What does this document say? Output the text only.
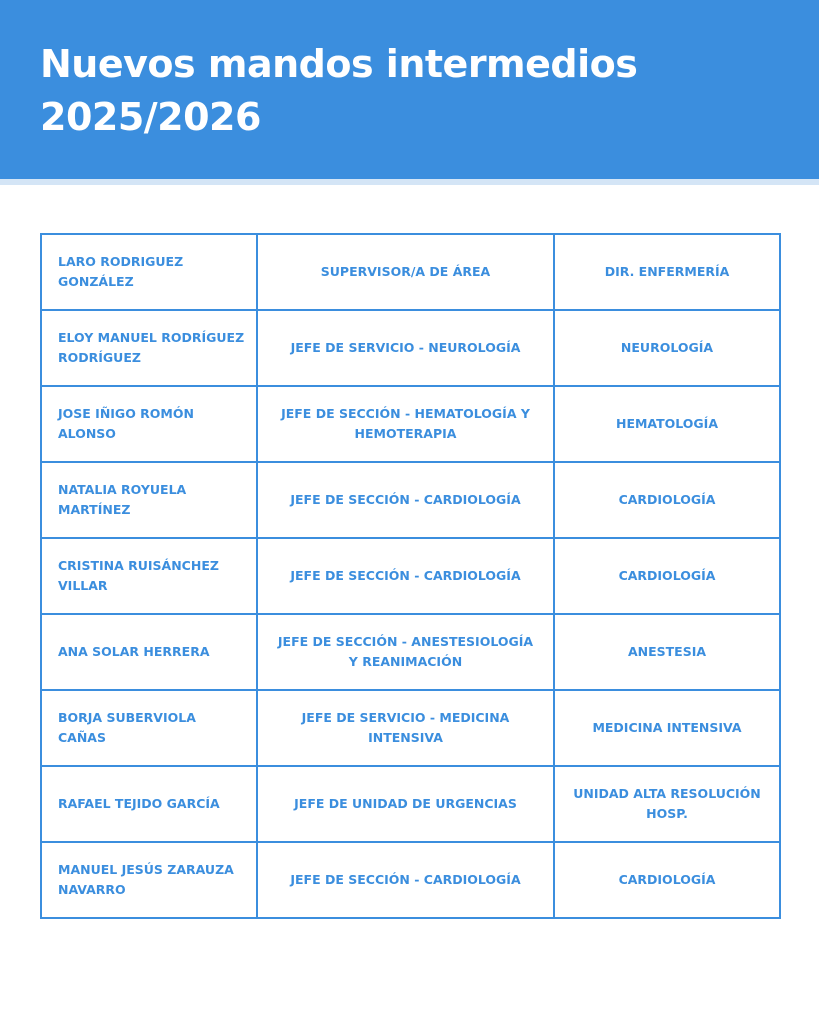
Nuevos mandos intermedios
2025/2026
LARO RODRIGUEZ GONZÁLEZ	SUPERVISOR/A DE ÁREA	DIR. ENFERMERÍA
ELOY MANUEL RODRÍGUEZ RODRÍGUEZ	JEFE DE SERVICIO - NEUROLOGÍA	NEUROLOGÍA
JOSE IÑIGO ROMÓN ALONSO	JEFE DE SECCIÓN - HEMATOLOGÍA Y HEMOTERAPIA	HEMATOLOGÍA
NATALIA ROYUELA MARTÍNEZ	JEFE DE SECCIÓN - CARDIOLOGÍA	CARDIOLOGÍA
CRISTINA RUISÁNCHEZ VILLAR	JEFE DE SECCIÓN - CARDIOLOGÍA	CARDIOLOGÍA
ANA SOLAR HERRERA	JEFE DE SECCIÓN - ANESTESIOLOGÍA Y REANIMACIÓN	ANESTESIA
BORJA SUBERVIOLA CAÑAS	JEFE DE SERVICIO - MEDICINA INTENSIVA	MEDICINA INTENSIVA
RAFAEL TEJIDO GARCÍA	JEFE DE UNIDAD DE URGENCIAS	UNIDAD ALTA RESOLUCIÓN HOSP.
MANUEL JESÚS ZARAUZA NAVARRO	JEFE DE SECCIÓN - CARDIOLOGÍA	CARDIOLOGÍA
